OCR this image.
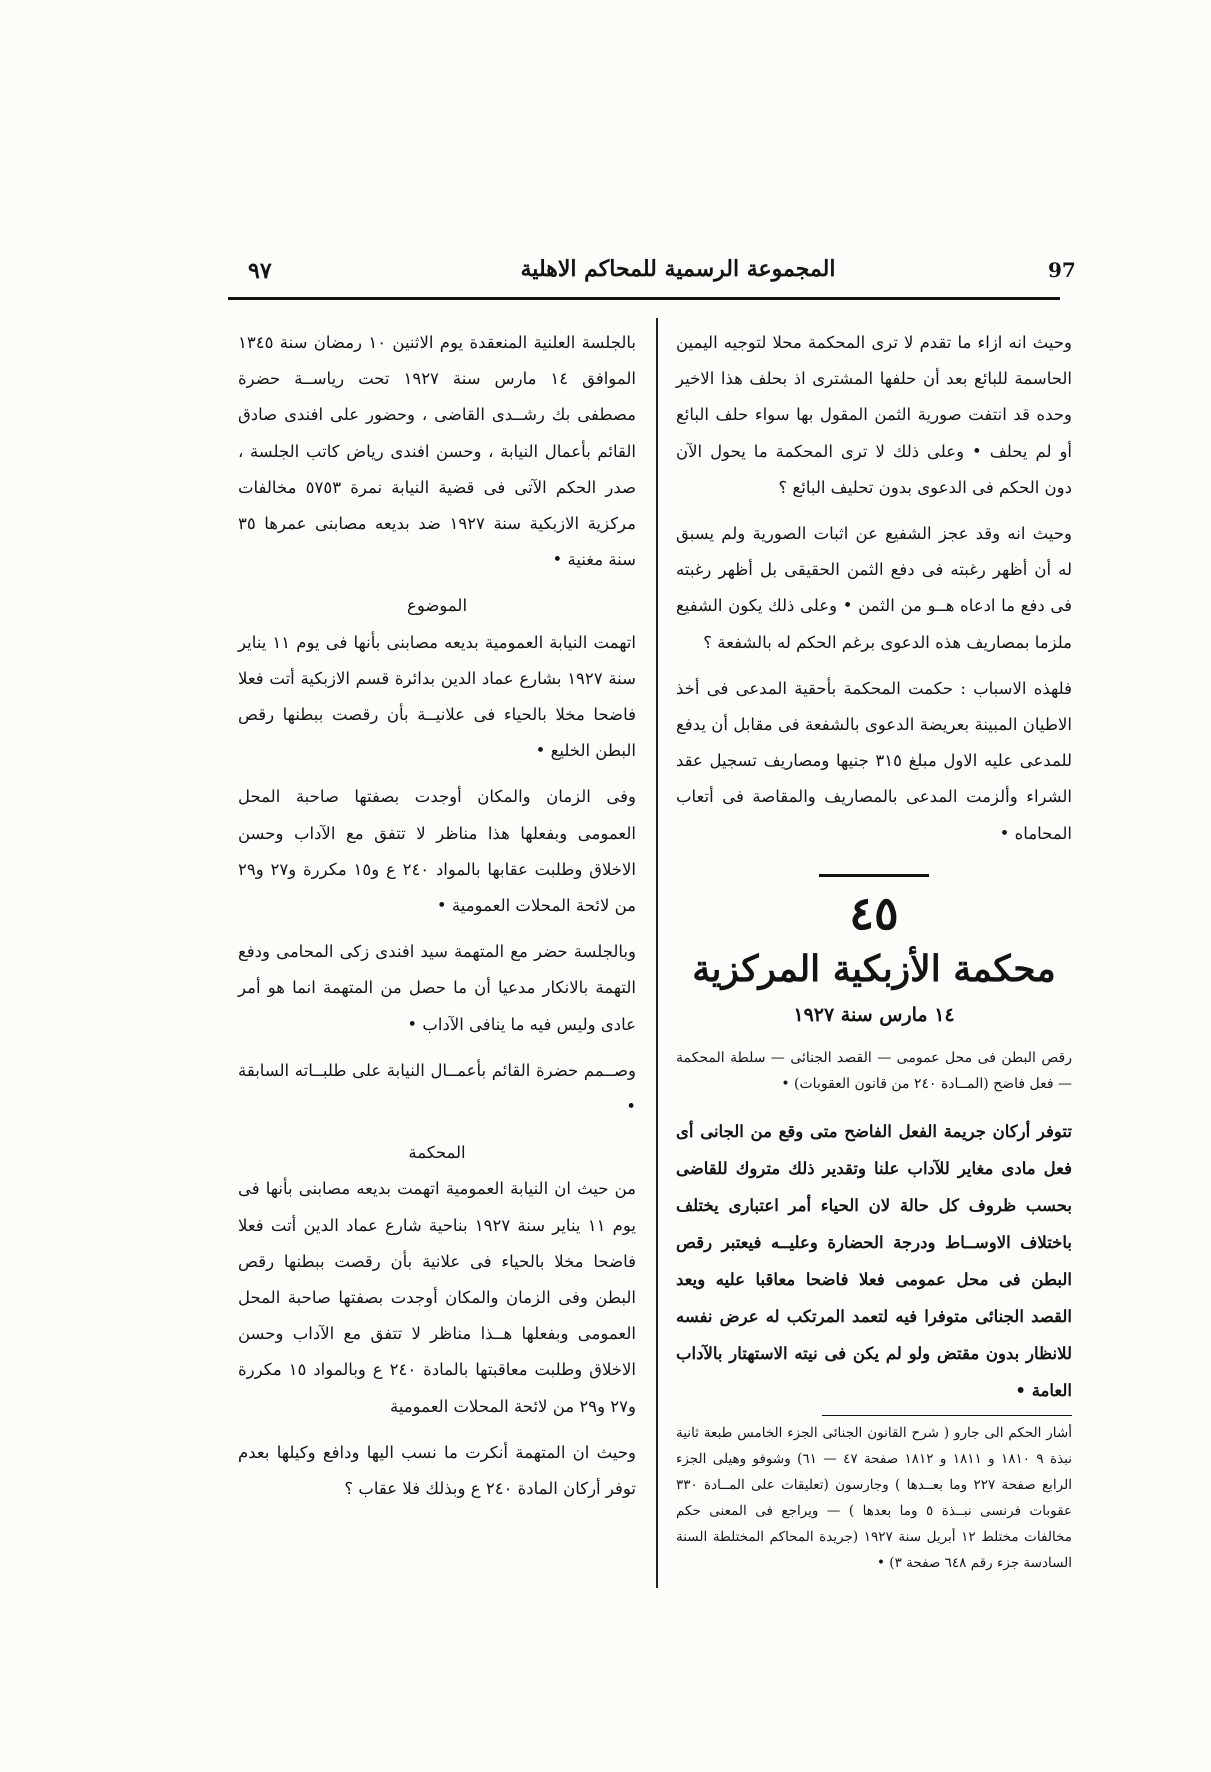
97
المجموعة الرسمية للمحاكم الاهلية
٩٧

وحيث انه ازاء ما تقدم لا ترى المحكمة محلا لتوجيه اليمين الحاسمة للبائع بعد أن حلفها المشترى اذ بحلف هذا الاخير وحده قد انتفت صورية الثمن المقول بها سواء حلف البائع أو لم يحلف • وعلى ذلك لا ترى المحكمة ما يحول الآن دون الحكم فى الدعوى بدون تحليف البائع ؟

وحيث انه وقد عجز الشفيع عن اثبات الصورية ولم يسبق له أن أظهر رغبته فى دفع الثمن الحقيقى بل أظهر رغبته فى دفع ما ادعاه هــو من الثمن • وعلى ذلك يكون الشفيع ملزما بمصاريف هذه الدعوى برغم الحكم له بالشفعة ؟

فلهذه الاسباب : حكمت المحكمة بأحقية المدعى فى أخذ الاطيان المبينة بعريضة الدعوى بالشفعة فى مقابل أن يدفع للمدعى عليه الاول مبلغ ٣١٥ جنيها ومصاريف تسجيل عقد الشراء وألزمت المدعى بالمصاريف والمقاصة فى أتعاب المحاماه •

٤٥

محكمة الأزبكية المركزية

١٤ مارس سنة ١٩٢٧

رقص البطن فى محل عمومى — القصد الجنائى — سلطة المحكمة — فعل فاضح (المــادة ٢٤٠ من قانون العقوبات) •

تتوفر أركان جريمة الفعل الفاضح متى وقع من الجانى أى فعل مادى مغاير للآداب علنا وتقدير ذلك متروك للقاضى بحسب ظروف كل حالة لان الحياء أمر اعتبارى يختلف باختلاف الاوســاط ودرجة الحضارة وعليــه فيعتبر رقص البطن فى محل عمومى فعلا فاضحا معاقبا عليه ويعد القصد الجنائى متوفرا فيه لتعمد المرتكب له عرض نفسه للانظار بدون مقتض ولو لم يكن فى نيته الاستهتار بالآداب العامة •

أشار الحكم الى جارو ( شرح القانون الجنائى الجزء الخامس طبعة ثانية نبذة ٩ ١٨١٠ و ١٨١١ و ١٨١٢ صفحة ٤٧ — ٦١) وشوفو وهيلى الجزء الرابع صفحة ٢٢٧ وما بعــدها ) وجارسون (تعليقات على المــادة ٣٣٠ عقوبات فرنسى نبــذة ٥ وما بعدها ) — ويراجع فى المعنى حكم مخالفات مختلط ١٢ أبريل سنة ١٩٢٧ (جريدة المحاكم المختلطة السنة السادسة جزء رقم ٦٤٨ صفحة ٣) •

بالجلسة العلنية المنعقدة يوم الاثنين ١٠ رمضان سنة ١٣٤٥ الموافق ١٤ مارس سنة ١٩٢٧ تحت رياســة حضرة مصطفى بك رشــدى القاضى ، وحضور على افندى صادق القائم بأعمال النيابة ، وحسن افندى رياض كاتب الجلسة ، صدر الحكم الآتى فى قضية النيابة نمرة ٥٧٥٣ مخالفات مركزية الازبكية سنة ١٩٢٧ ضد بديعه مصابنى عمرها ٣٥ سنة مغنية •

الموضوع

اتهمت النيابة العمومية بديعه مصابنى بأنها فى يوم ١١ يناير سنة ١٩٢٧ بشارع عماد الدين بدائرة قسم الازبكية أتت فعلا فاضحا مخلا بالحياء فى علانيــة بأن رقصت ببطنها رقص البطن الخليع •

وفى الزمان والمكان أوجدت بصفتها صاحبة المحل العمومى وبفعلها هذا مناظر لا تتفق مع الآداب وحسن الاخلاق وطلبت عقابها بالمواد ٢٤٠ ع و١٥ مكررة و٢٧ و٢٩ من لائحة المحلات العمومية •

وبالجلسة حضر مع المتهمة سيد افندى زكى المحامى ودفع التهمة بالانكار مدعيا أن ما حصل من المتهمة انما هو أمر عادى وليس فيه ما ينافى الآداب •

وصــمم حضرة القائم بأعمــال النيابة على طلبــاته السابقة •

المحكمة

من حيث ان النيابة العمومية اتهمت بديعه مصابنى بأنها فى يوم ١١ يناير سنة ١٩٢٧ بناحية شارع عماد الدين أتت فعلا فاضحا مخلا بالحياء فى علانية بأن رقصت ببطنها رقص البطن وفى الزمان والمكان أوجدت بصفتها صاحبة المحل العمومى وبفعلها هــذا مناظر لا تتفق مع الآداب وحسن الاخلاق وطلبت معاقبتها بالمادة ٢٤٠ ع وبالمواد ١٥ مكررة و٢٧ و٢٩ من لائحة المحلات العمومية

وحيث ان المتهمة أنكرت ما نسب اليها ودافع وكيلها بعدم توفر أركان المادة ٢٤٠ ع وبذلك فلا عقاب ؟
